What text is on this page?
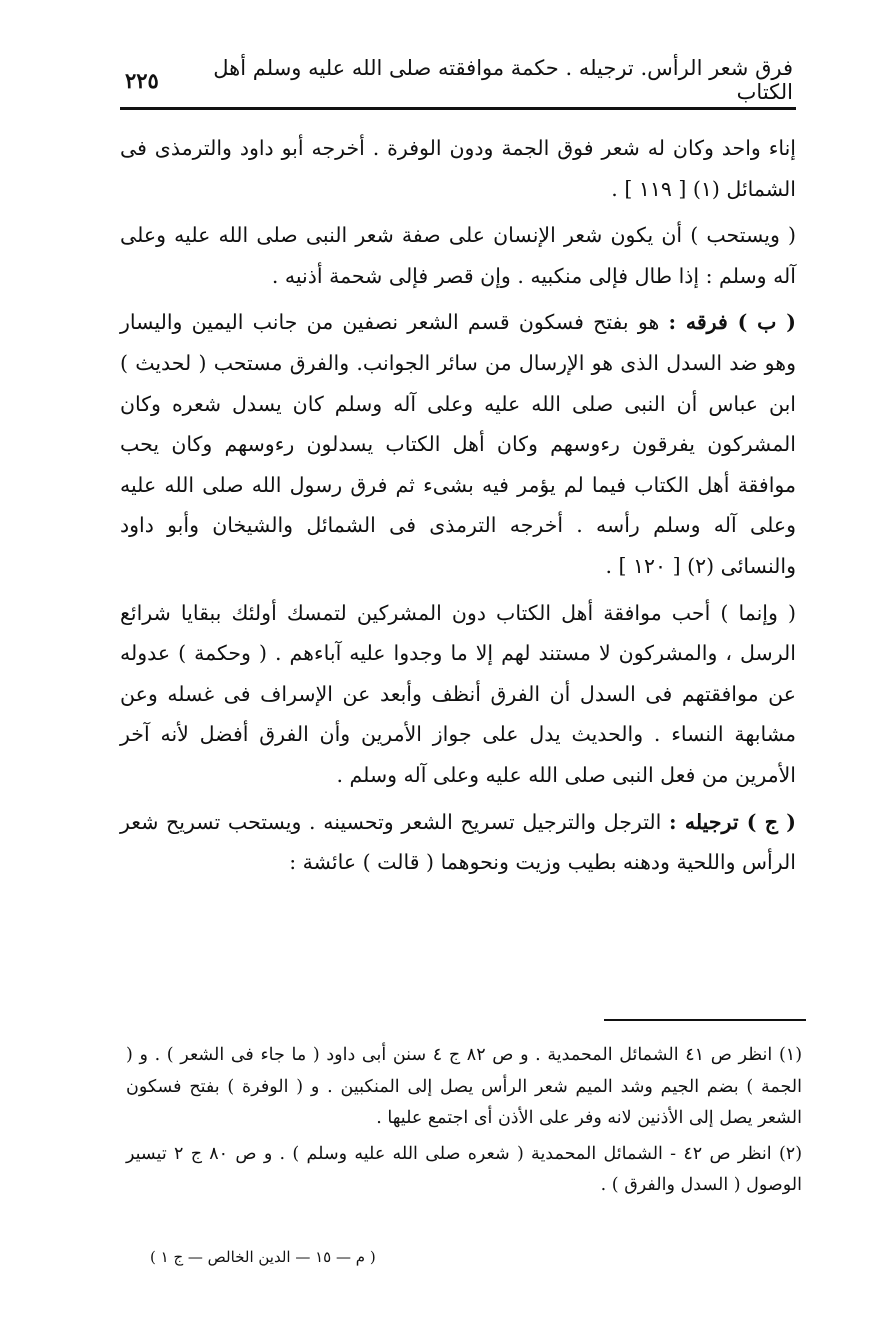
فرق شعر الرأس. ترجيله . حكمة موافقته صلى الله عليه وسلم أهل الكتاب
٢٢٥

إناء واحد وكان له شعر فوق الجمة ودون الوفرة . أخرجه أبو داود والترمذى فى الشمائل (١) [ ١١٩ ] .

( ويستحب ) أن يكون شعر الإنسان على صفة شعر النبى صلى الله عليه وعلى آله وسلم : إذا طال فإلى منكبيه . وإن قصر فإلى شحمة أذنيه .

( ب ) فرقه : هو بفتح فسكون قسم الشعر نصفين من جانب اليمين واليسار وهو ضد السدل الذى هو الإرسال من سائر الجوانب. والفرق مستحب ( لحديث ) ابن عباس أن النبى صلى الله عليه وعلى آله وسلم كان يسدل شعره وكان المشركون يفرقون رءوسهم وكان أهل الكتاب يسدلون رءوسهم وكان يحب موافقة أهل الكتاب فيما لم يؤمر فيه بشىء ثم فرق رسول الله صلى الله عليه وعلى آله وسلم رأسه . أخرجه الترمذى فى الشمائل والشيخان وأبو داود والنسائى (٢) [ ١٢٠ ] .

( وإنما ) أحب موافقة أهل الكتاب دون المشركين لتمسك أولئك ببقايا شرائع الرسل ، والمشركون لا مستند لهم إلا ما وجدوا عليه آباءهم . ( وحكمة ) عدوله عن موافقتهم فى السدل أن الفرق أنظف وأبعد عن الإسراف فى غسله وعن مشابهة النساء . والحديث يدل على جواز الأمرين وأن الفرق أفضل لأنه آخر الأمرين من فعل النبى صلى الله عليه وعلى آله وسلم .

( ج ) ترجيله : الترجل والترجيل تسريح الشعر وتحسينه . ويستحب تسريح شعر الرأس واللحية ودهنه بطيب وزيت ونحوهما ( قالت ) عائشة :

(١) انظر ص ٤١ الشمائل المحمدية . و ص ٨٢ ج ٤ سنن أبى داود ( ما جاء فى الشعر ) . و ( الجمة ) بضم الجيم وشد الميم شعر الرأس يصل إلى المنكبين . و ( الوفرة ) بفتح فسكون الشعر يصل إلى الأذنين لانه وفر على الأذن أى اجتمع عليها .

(٢) انظر ص ٤٢ - الشمائل المحمدية ( شعره صلى الله عليه وسلم ) . و ص ٨٠ ج ٢ تيسير الوصول ( السدل والفرق ) .

( م — ١٥ — الدين الخالص — ج ١ )
